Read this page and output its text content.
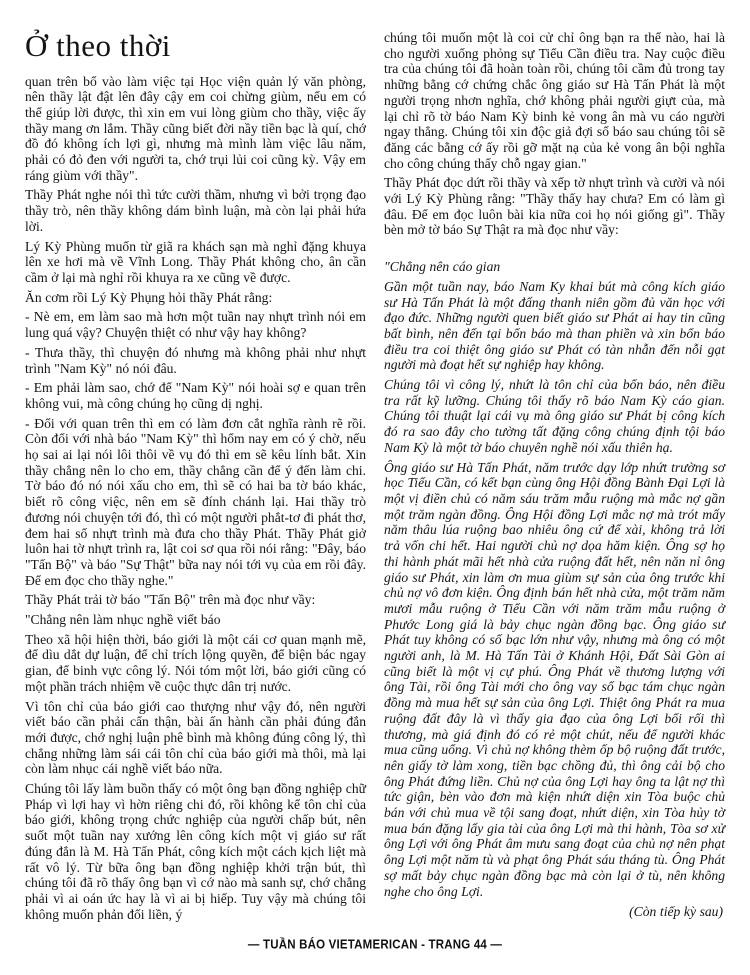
Ở theo thời

quan trên bổ vào làm việc tại Học viện quản lý văn phòng, nên thầy lật đật lên đây cậy em coi chừng giùm, nếu em có thể giúp lời được, thì xin em vui lòng giùm cho thầy, việc ấy thầy mang ơn lắm. Thầy cũng biết đời nầy tiền bạc là quí, chớ đồ đó không ích lợi gì, nhưng mà mình làm việc lâu năm, phải có đỏ đen với người ta, chớ trụi lủi coi cũng kỳ. Vậy em ráng giùm với thầy".

Thầy Phát nghe nói thì tức cười thầm, nhưng vì bởi trọng đạo thầy trò, nên thầy không dám bình luận, mà còn lại phải hứa lời.

Lý Kỳ Phùng muốn từ giã ra khách sạn mà nghỉ đặng khuya lên xe hơi mà về Vĩnh Long. Thầy Phát không cho, ân cần cầm ở lại mà nghỉ rồi khuya ra xe cũng về được.

Ăn cơm rồi Lý Kỳ Phụng hỏi thầy Phát rằng:

- Nè em, em làm sao mà hơn một tuần nay nhựt trình nói em lung quá vậy? Chuyện thiệt có như vậy hay không?

- Thưa thầy, thì chuyện đó nhưng mà không phải như nhựt trình "Nam Kỳ" nó nói đâu.

- Em phải làm sao, chớ để "Nam Kỳ" nói hoài sợ e quan trên không vui, mà công chúng họ cũng dị nghị.

- Đối với quan trên thì em có làm đơn cắt nghĩa rành rẽ rồi. Còn đối với nhà báo "Nam Kỳ" thì hổm nay em có ý chờ, nếu họ sai ai lại nói lôi thôi về vụ đó thì em sẽ kêu lính bắt. Xin thầy chẳng nên lo cho em, thầy chẳng cần để ý đến làm chi. Tờ báo đó nó nói xấu cho em, thì sẽ có hai ba tờ báo khác, biết rõ công việc, nên em sẽ đính chánh lại. Hai thầy trò đương nói chuyện tới đó, thì có một người phắt-tơ đi phát thơ, đem hai số nhựt trình mà đưa cho thầy Phát. Thầy Phát giở luôn hai tờ nhựt trình ra, lật coi sơ qua rồi nói rằng: "Đây, báo "Tấn Bộ" và báo "Sự Thật" bữa nay nói tới vụ của em rồi đây. Để em đọc cho thầy nghe."

Thầy Phát trải tờ báo "Tấn Bộ" trên mà đọc như vầy:

"Chẳng nên làm nhục nghề viết báo

Theo xã hội hiện thời, báo giới là một cái cơ quan mạnh mẽ, để dìu dắt dự luận, để chỉ trích lộng quyền, để biện bác ngay gian, để binh vực công lý. Nói tóm một lời, báo giới cũng có một phần trách nhiệm về cuộc thực dân trị nước.

Vì tôn chỉ của báo giới cao thượng như vậy đó, nên người viết báo cần phải cẩn thận, bài ấn hành cần phải đúng đắn mới được, chớ nghị luận phê bình mà không đúng công lý, thì chẳng những làm sái cái tôn chỉ của báo giới mà thôi, mà lại còn làm nhục cái nghề viết báo nữa.

Chúng tôi lấy làm buồn thấy có một ông bạn đồng nghiệp chữ Pháp vì lợi hay vì hờn riêng chi đó, rồi không kể tôn chỉ của báo giới, không trọng chức nghiệp của người chấp bút, nên suốt một tuần nay xướng lên công kích một vị giáo sư rất đúng đắn là M. Hà Tấn Phát, công kích một cách kịch liệt mà rất vô lý. Từ bữa ông bạn đồng nghiệp khởi trận bút, thì chúng tôi đã rõ thấy ông bạn vì cớ nào mà sanh sự, chớ chẳng phải vì ai oán ức hay là vì ai bị hiếp. Tuy vậy mà chúng tôi không muốn phản đối liền, ý

chúng tôi muốn một là coi cử chỉ ông bạn ra thể nào, hai là cho người xuống phỏng sự Tiểu Cần điều tra. Nay cuộc điều tra của chúng tôi đã hoàn toàn rồi, chúng tôi cầm đủ trong tay những bằng cớ chứng chắc ông giáo sư Hà Tấn Phát là một người trọng nhơn nghĩa, chớ không phải người giựt của, mà lại chỉ rõ tờ báo Nam Kỳ binh kẻ vong ân mà vu cáo người ngay thẳng. Chúng tôi xin độc giả đợi số báo sau chúng tôi sẽ đăng các bằng cớ ấy rồi gỡ mặt nạ của kẻ vong ân bội nghĩa cho công chúng thấy chỗ ngay gian."

Thầy Phát đọc dứt rồi thầy và xếp tờ nhựt trình và cười và nói với Lý Kỳ Phùng rằng: "Thầy thấy hay chưa? Em có làm gì đâu. Để em đọc luôn bài kia nữa coi họ nói giống gì". Thầy bèn mở tờ báo Sự Thật ra mà đọc như vầy:

"Chẳng nên cáo gian

Gần một tuần nay, báo Nam Ky khai bút mà công kích giáo sư Hà Tấn Phát là một đấng thanh niên gồm đủ văn học với đạo đức. Những người quen biết giáo sư Phát ai hay tin cũng bất bình, nên đến tại bổn báo mà than phiền và xin bổn báo điều tra coi thiệt ông giáo sư Phát có tàn nhẫn đến nỗi gạt người mà đoạt hết sự nghiệp hay không.

Chúng tôi vì công lý, nhứt là tôn chỉ của bổn báo, nên điều tra rất kỹ lưỡng. Chúng tôi thấy rõ báo Nam Kỳ cáo gian. Chúng tôi thuật lại cái vụ mà ông giáo sư Phát bị công kích đó ra sao đây cho tường tất đặng công chúng định tội báo Nam Kỳ là một tờ báo chuyên nghề nói xấu thiên hạ.

Ông giáo sư Hà Tấn Phát, năm trước dạy lớp nhứt trường sơ học Tiểu Cần, có kết bạn cùng ông Hội đồng Bành Đại Lợi là một vị điền chủ có năm sáu trăm mẫu ruộng mà mắc nợ gần một trăm ngàn đồng. Ông Hội đồng Lợi mắc nợ mà trót mấy năm thâu lúa ruộng bao nhiêu ông cứ để xài, không trả lời trả vốn chi hết. Hai người chủ nợ dọa hăm kiện. Ông sợ họ thi hành phát mãi hết nhà cửa ruộng đất hết, nên năn nỉ ông giáo sư Phát, xin làm ơn mua giùm sự sản của ông trước khi chủ nợ vô đơn kiện. Ông định bán hết nhà cửa, một trăm năm mươi mẫu ruộng ở Tiểu Cần với năm trăm mẫu ruộng ở Phước Long giá là bảy chục ngàn đồng bạc. Ông giáo sư Phát tuy không có số bạc lớn như vậy, nhưng mà ông có một người anh, là M. Hà Tấn Tài ở Khánh Hội, Đất Sài Gòn ai cũng biết là một vị cự phú. Ông Phát về thương lượng với ông Tài, rồi ông Tài mới cho ông vay số bạc tám chục ngàn đồng mà mua hết sự sản của ông Lợi. Thiệt ông Phát ra mua ruộng đất đây là vì thấy gia đạo của ông Lợi bối rối thì thương, mà giá định đó có rẻ một chút, nếu để người khác mua cũng uổng. Vì chủ nợ không thèm ốp bộ ruộng đất trước, nên giấy tờ làm xong, tiền bạc chồng đủ, thì ông cải bộ cho ông Phát đứng liền. Chủ nợ của ông Lợi hay ông ta lật nợ thì tức giận, bèn vào đơn mà kiện nhứt diện xin Tòa buộc chủ bán với chủ mua về tội sang đoạt, nhứt diện, xin Tòa hủy tờ mua bán đặng lấy gia tài của ông Lợi mà thi hành, Tòa sơ xử ông Lợi với ông Phát âm mưu sang đoạt của chủ nợ nên phạt ông Lợi một năm tù và phạt ông Phát sáu tháng tù. Ông Phát sợ mất bảy chục ngàn đồng bạc mà còn lại ở tù, nên không nghe cho ông Lợi.

(Còn tiếp kỳ sau)

— TUẦN BÁO VIETAMERICAN - TRANG 44 —
